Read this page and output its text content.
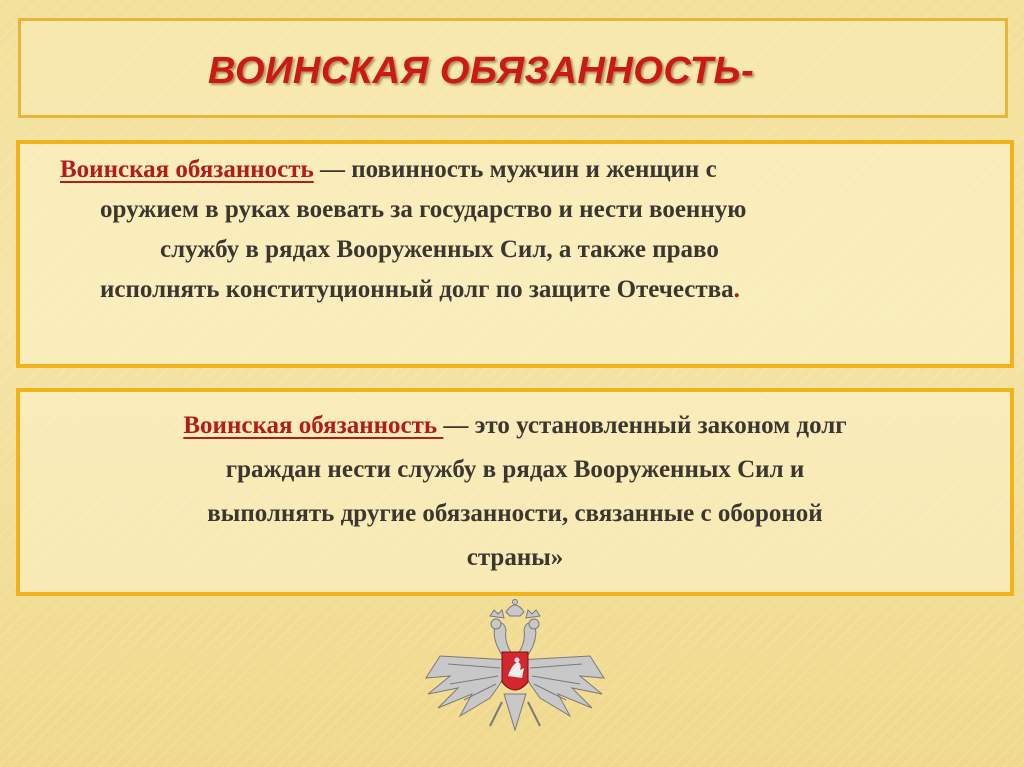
ВОИНСКАЯ ОБЯЗАННОСТЬ-
Воинская обязанность — повинность мужчин и женщин с
оружием в руках воевать за государство и нести военную
службу в рядах Вооруженных Сил, а также право
исполнять конституционный долг по защите Отечества.
Воинская обязанность — это установленный законом долг
граждан нести службу в рядах Вооруженных Сил и
выполнять другие обязанности, связанные с обороной
страны»
